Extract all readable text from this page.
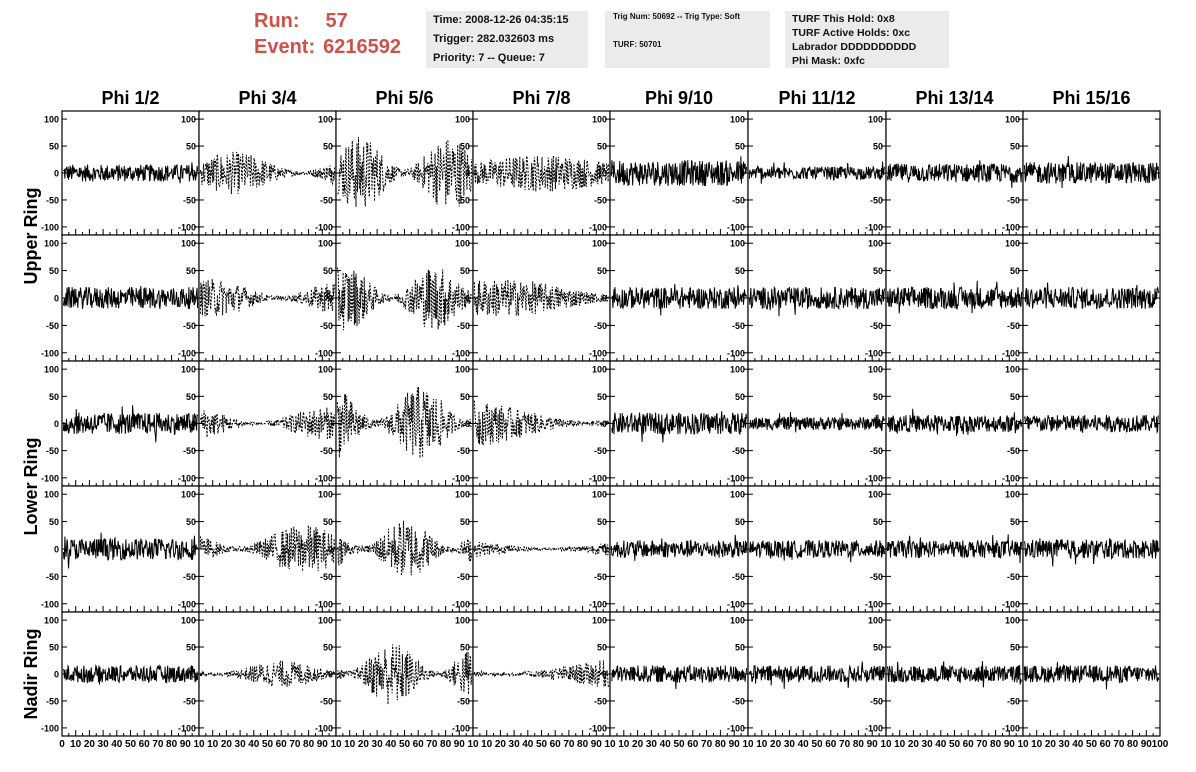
Run: 57
Event: 6216592
Time: 2008-12-26 04:35:15
Trigger: 282.032603 ms
Priority: 7 -- Queue: 7
Trig Num: 50692 -- Trig Type: Soft
TURF: 50701
TURF This Hold: 0x8
TURF Active Holds: 0xc
Labrador DDDDDDDDDD
Phi Mask: 0xfc
-100
-50
0
50
100
-100
-50
0
50
100
-100
-50
0
50
100
-100
-50
0
50
100
-100
-50
0
50
100
-100
-50
0
50
100
-100
-50
0
50
100
-100
-50
0
50
100
-100
-50
0
50
100
-100
-50
0
50
100
-100
-50
0
50
100
-100
-50
0
50
100
-100
-50
0
50
100
-100
-50
0
50
100
-100
-50
0
50
100
-100
-50
0
50
100
-100
-50
0
50
100
-100
-50
0
50
100
-100
-50
0
50
100
-100
-50
0
50
100
-100
-50
0
50
100
-100
-50
0
50
100
-100
-50
0
50
100
-100
-50
0
50
100
-100
-50
0
50
100
-100
-50
0
50
100
-100
-50
0
50
100
-100
-50
0
50
100
-100
-50
0
50
100
-100
-50
0
50
100
-100
-50
0
50
100
-100
-50
0
50
100
-100
-50
0
50
100
-100
-50
0
50
100
-100
-50
0
50
100
-100
-50
0
50
100
-100
-50
0
50
100
-100
-50
0
50
100
-100
-50
0
50
100
-100
-50
0
50
100
Phi 1/2	Phi 3/4	Phi 5/6	Phi 7/8	Phi 9/10	Phi 11/12	Phi 13/14	Phi 15/16
Upper Ring
Lower Ring
Nadir Ring
0 10 20 30 40 50 60 70 80 90 10 10 20 30 40 50 60 70 80 90 10 10 20 30 40 50 60 70 80 90 10 10 20 30 40 50 60 70 80 90 10 10 20 30 40 50 60 70 80 90 10 10 20 30 40 50 60 70 80 90 10 10 20 30 40 50 60 70 80 90 10 10 20 30 40 50 60 70 80 90 100
